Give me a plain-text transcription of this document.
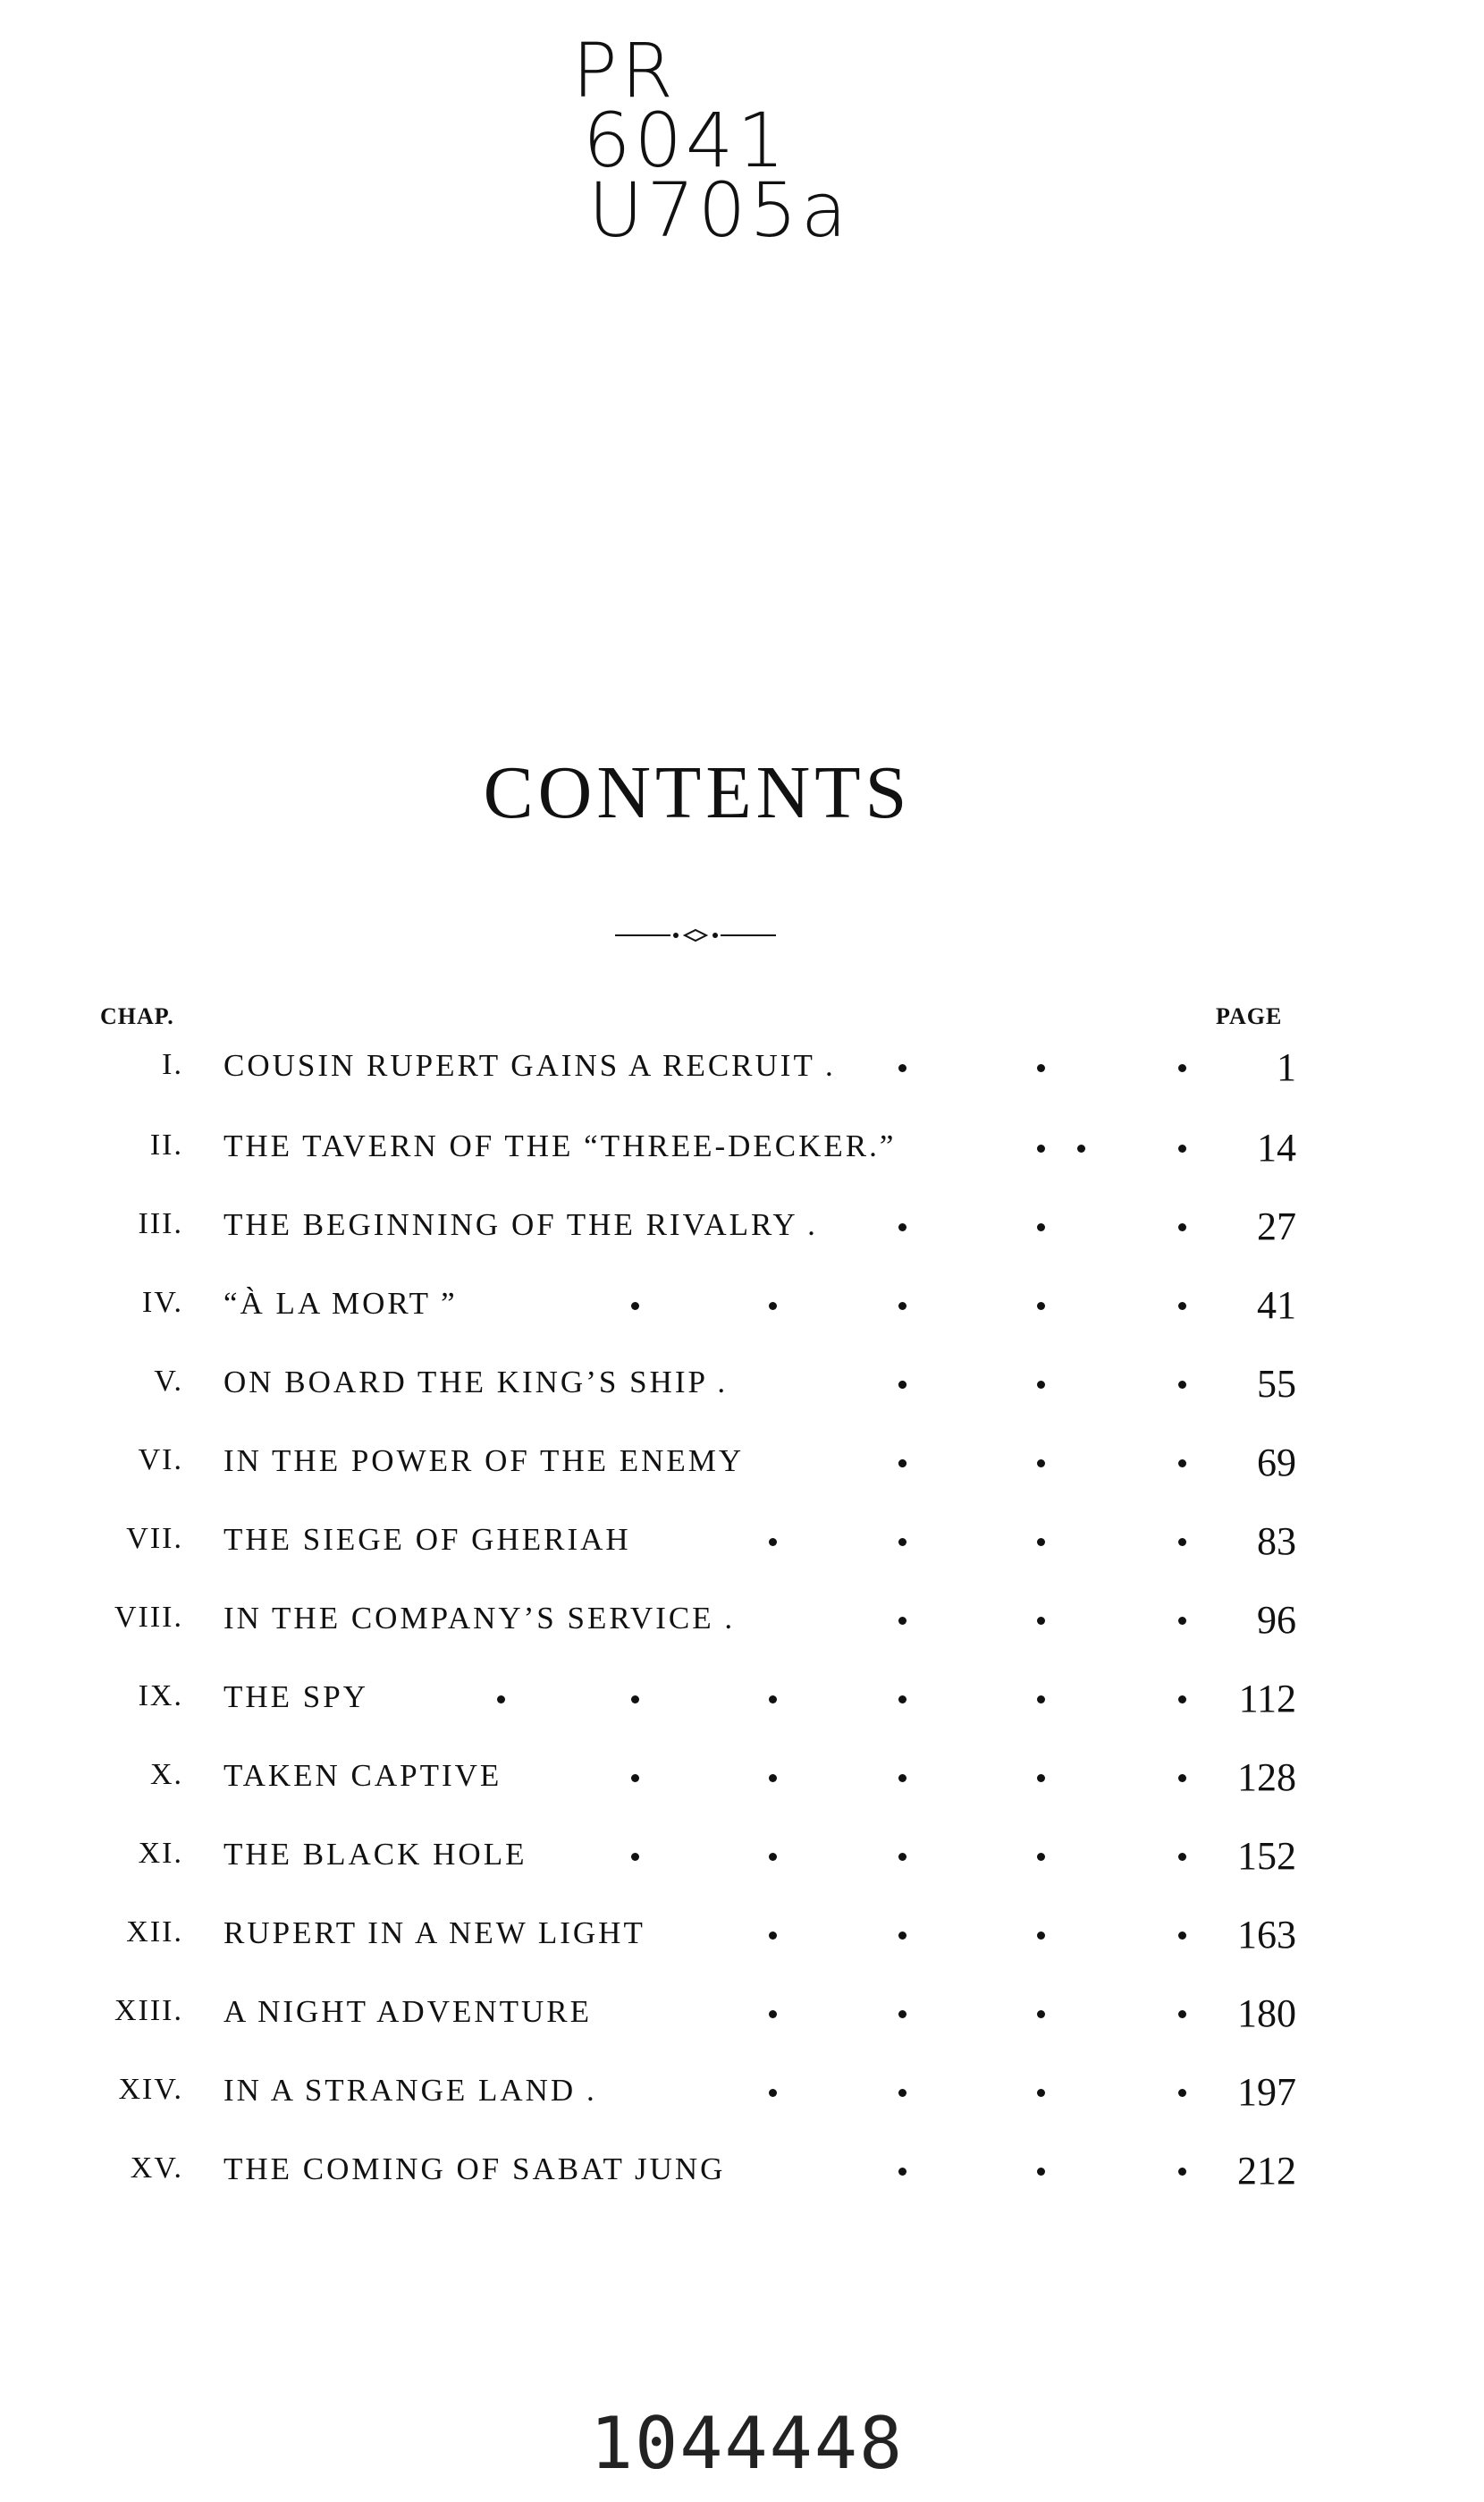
PR
6041
U705a
CONTENTS
CHAP.	PAGE
I. COUSIN RUPERT GAINS A RECRUIT .	1
II. THE TAVERN OF THE “THREE-DECKER.”	14
III. THE BEGINNING OF THE RIVALRY .	27
IV. “À LA MORT ”	41
V. ON BOARD THE KING’S SHIP .	55
VI. IN THE POWER OF THE ENEMY	69
VII. THE SIEGE OF GHERIAH	83
VIII. IN THE COMPANY’S SERVICE .	96
IX. THE SPY	112
X. TAKEN CAPTIVE	128
XI. THE BLACK HOLE	152
XII. RUPERT IN A NEW LIGHT	163
XIII. A NIGHT ADVENTURE	180
XIV. IN A STRANGE LAND .	197
XV. THE COMING OF SABAT JUNG	212
1044448
